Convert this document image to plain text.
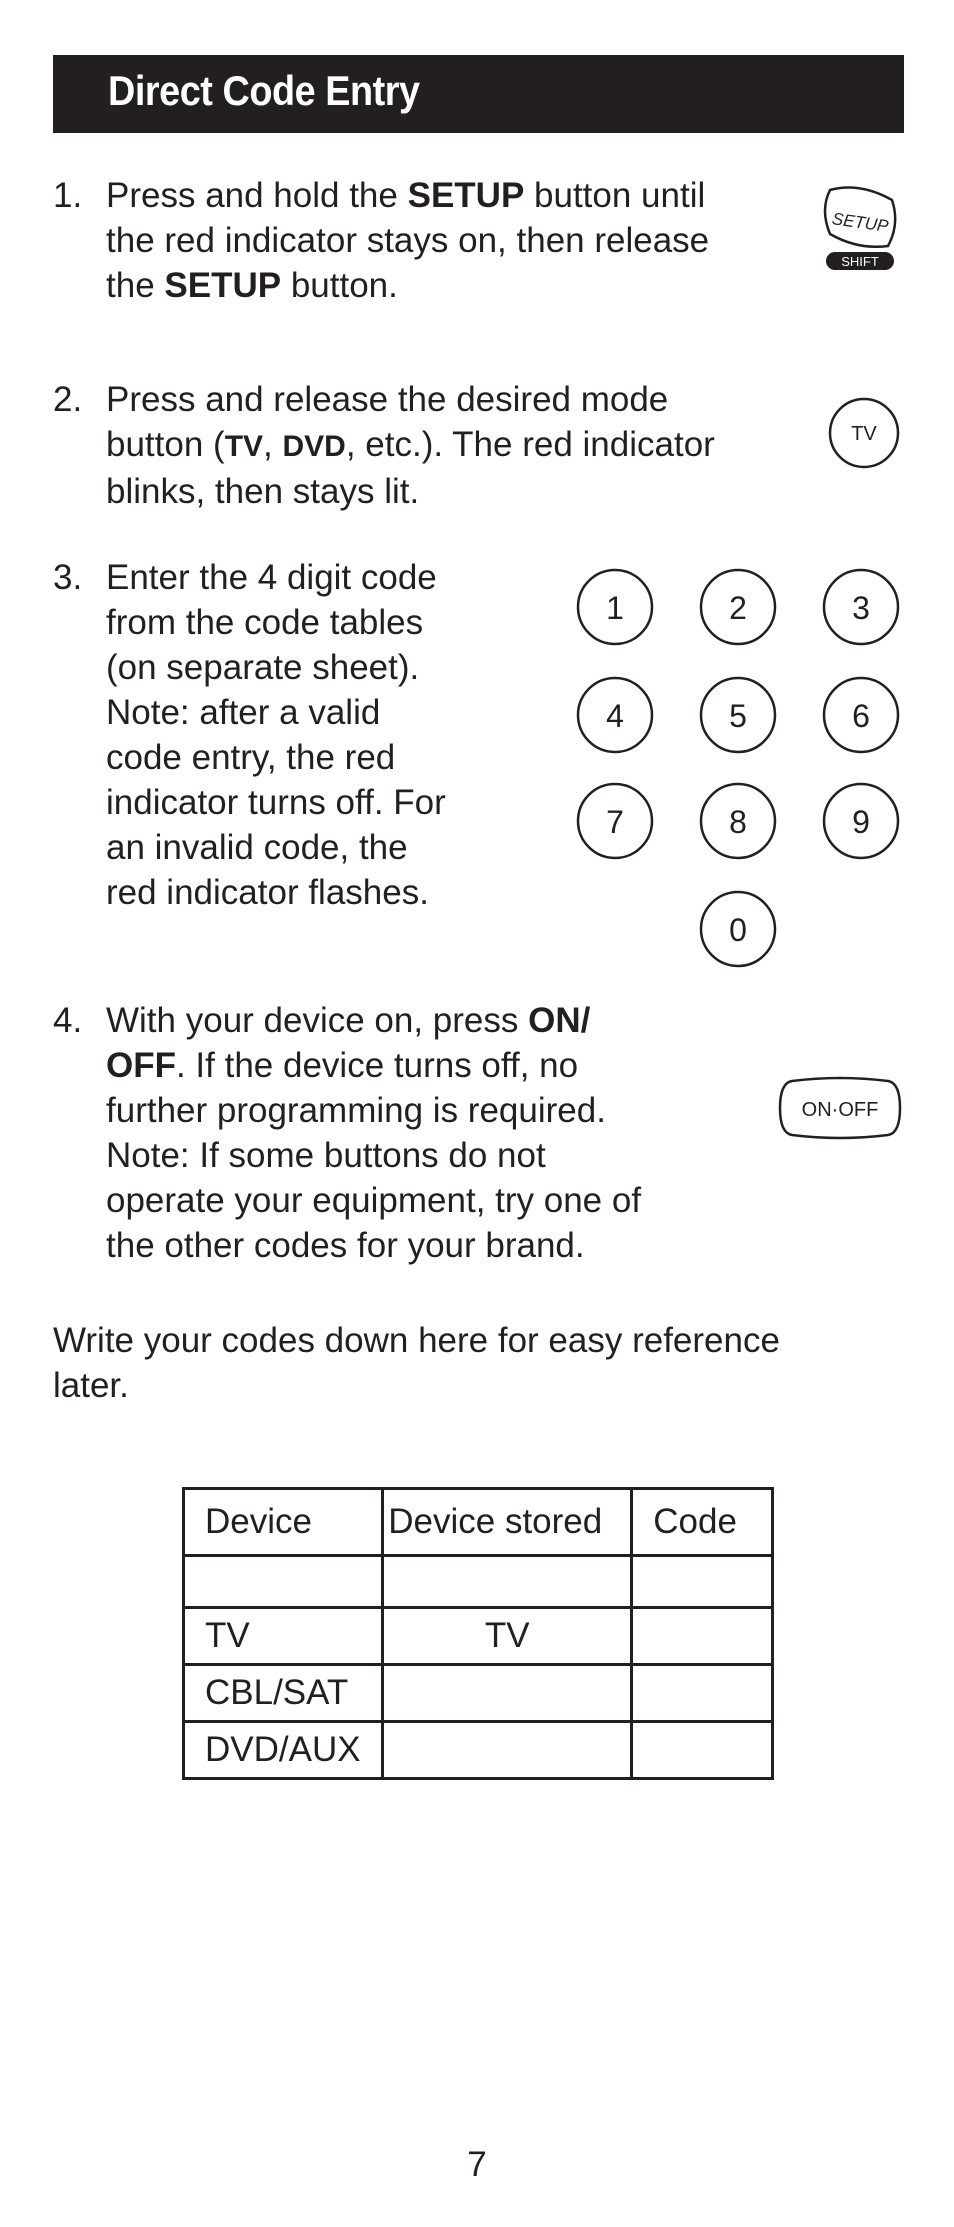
Direct Code Entry
1. Press and hold the SETUP button until
the red indicator stays on, then release
the SETUP button.
SETUP
SHIFT
2. Press and release the desired mode
button (TV, DVD, etc.). The red indicator
blinks, then stays lit.
TV
3. Enter the 4 digit code
from the code tables
(on separate sheet).
Note: after a valid
code entry, the red
indicator turns off. For
an invalid code, the
red indicator flashes.
1	2	3
4	5	6
7	8	9
0
4. With your device on, press ON/
OFF. If the device turns off, no
further programming is required.
Note: If some buttons do not
operate your equipment, try one of
the other codes for your brand.
ON·OFF
Write your codes down here for easy reference
later.
Device	Device stored	Code

TV	TV	
CBL/SAT		
DVD/AUX		
7
